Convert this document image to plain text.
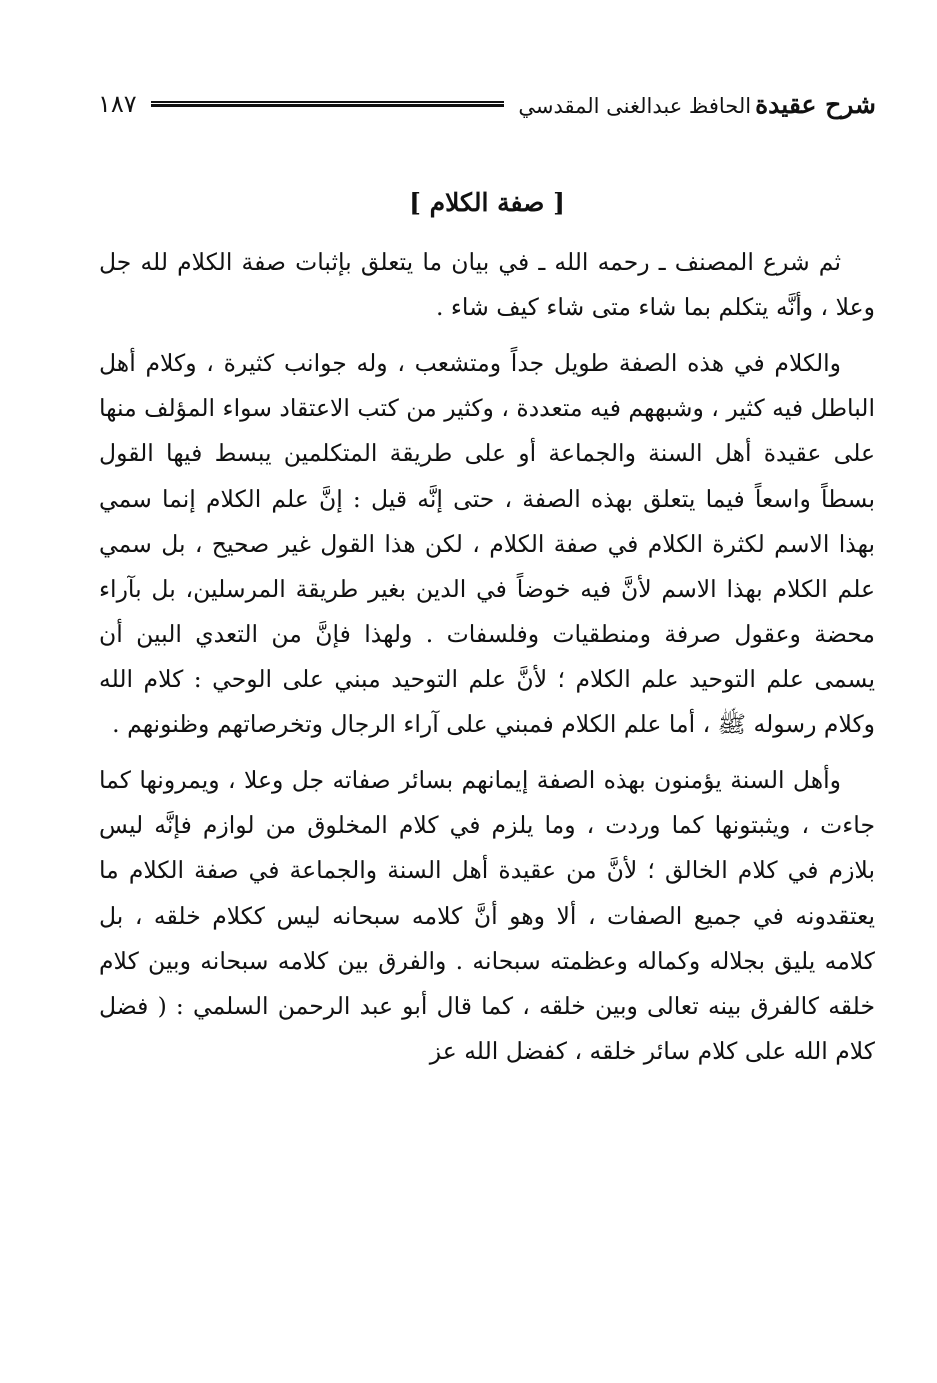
شرح عقيدةالحافظ عبدالغنى المقدسي
١٨٧
[ صفة الكلام ]

ثم شرع المصنف ـ رحمه الله ـ في بيان ما يتعلق بإثبات صفة الكلام لله جل وعلا ، وأنَّه يتكلم بما شاء متى شاء كيف شاء .

والكلام في هذه الصفة طويل جداً ومتشعب ، وله جوانب كثيرة ، وكلام أهل الباطل فيه كثير ، وشبههم فيه متعددة ، وكثير من كتب الاعتقاد سواء المؤلف منها على عقيدة أهل السنة والجماعة أو على طريقة المتكلمين يبسط فيها القول بسطاً واسعاً فيما يتعلق بهذه الصفة ، حتى إنَّه قيل : إنَّ علم الكلام إنما سمي بهذا الاسم لكثرة الكلام في صفة الكلام ، لكن هذا القول غير صحيح ، بل سمي علم الكلام بهذا الاسم لأنَّ فيه خوضاً في الدين بغير طريقة المرسلين، بل بآراء محضة وعقول صرفة ومنطقيات وفلسفات . ولهذا فإنَّ من التعدي البين أن يسمى علم التوحيد علم الكلام ؛ لأنَّ علم التوحيد مبني على الوحي : كلام الله وكلام رسوله ﷺ ، أما علم الكلام فمبني على آراء الرجال وتخرصاتهم وظنونهم .

وأهل السنة يؤمنون بهذه الصفة إيمانهم بسائر صفاته جل وعلا ، ويمرونها كما جاءت ، ويثبتونها كما وردت ، وما يلزم في كلام المخلوق من لوازم فإنَّه ليس بلازم في كلام الخالق ؛ لأنَّ من عقيدة أهل السنة والجماعة في صفة الكلام ما يعتقدونه في جميع الصفات ، ألا وهو أنَّ كلامه سبحانه ليس ككلام خلقه ، بل كلامه يليق بجلاله وكماله وعظمته سبحانه . والفرق بين كلامه سبحانه وبين كلام خلقه كالفرق بينه تعالى وبين خلقه ، كما قال أبو عبد الرحمن السلمي : ( فضل كلام الله على كلام سائر خلقه ، كفضل الله عز
